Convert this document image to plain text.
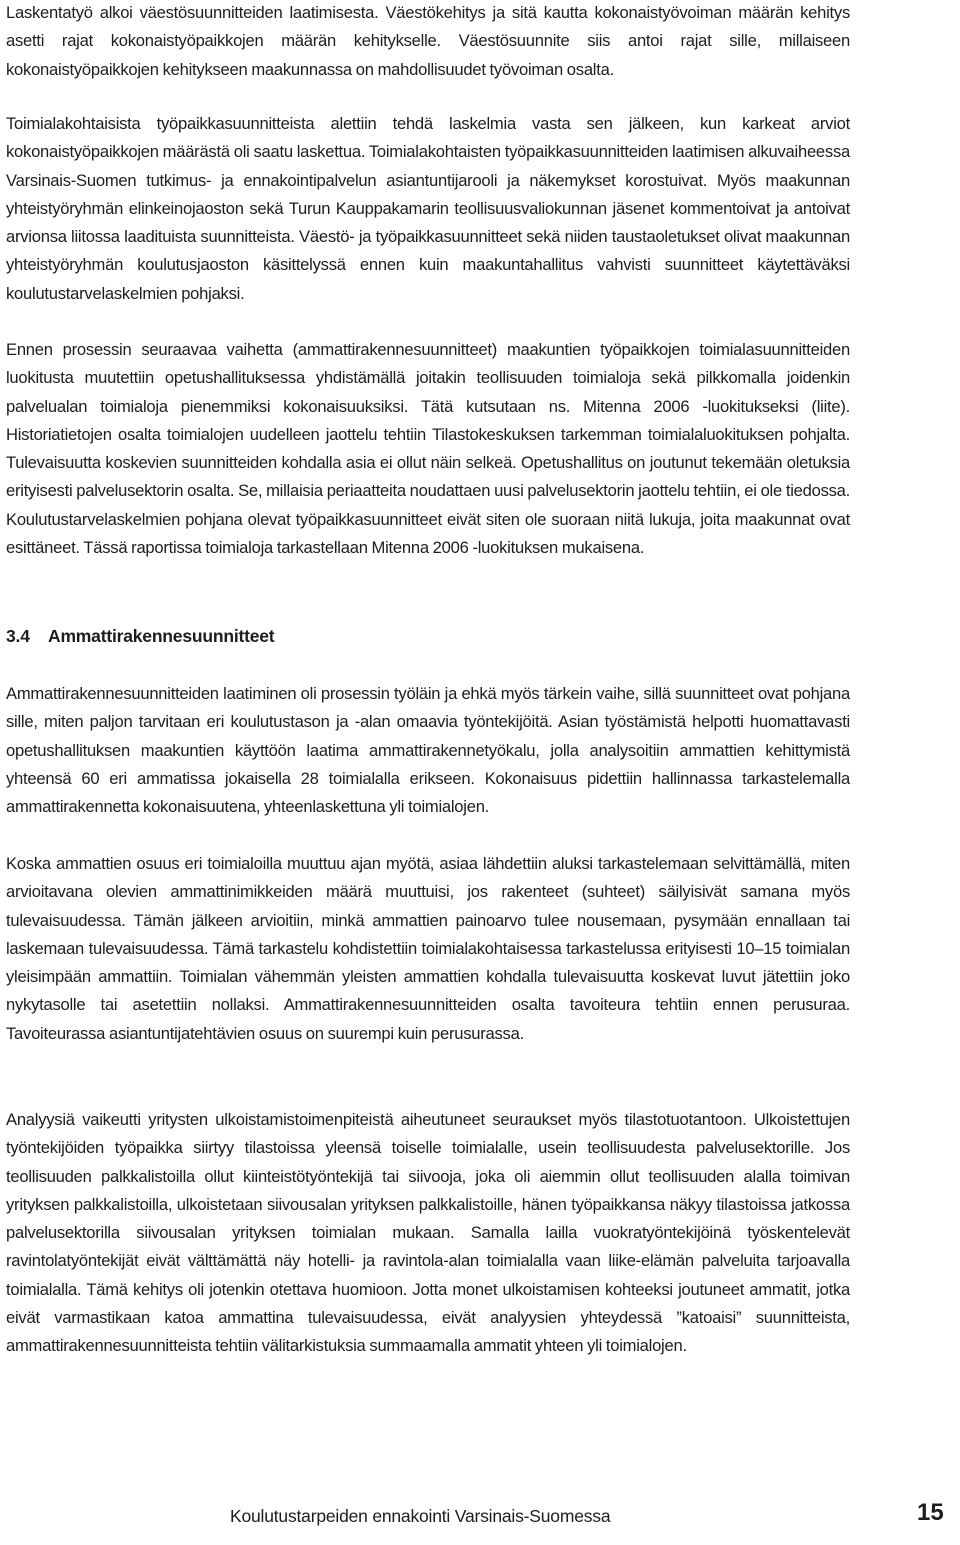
Laskentatyö alkoi väestösuunnitteiden laatimisesta. Väestökehitys ja sitä kautta kokonaistyövoiman määrän kehitys asetti rajat kokonaistyöpaikkojen määrän kehitykselle. Väestösuunnite siis antoi rajat sille, millaiseen kokonaistyöpaikkojen kehitykseen maakunnassa on mahdollisuudet työvoiman osalta.

Toimialakohtaisista työpaikkasuunnitteista alettiin tehdä laskelmia vasta sen jälkeen, kun karkeat arviot kokonaistyöpaikkojen määrästä oli saatu laskettua. Toimialakohtaisten työpaikkasuunnitteiden laatimisen alkuvaiheessa Varsinais-Suomen tutkimus- ja ennakointipalvelun asiantuntijarooli ja näkemykset korostuivat. Myös maakunnan yhteistyöryhmän elinkeinojaoston sekä Turun Kauppakamarin teollisuusvaliokunnan jäsenet kommentoivat ja antoivat arvionsa liitossa laadituista suunnitteista. Väestö- ja työpaikkasuunnitteet sekä niiden taustaoletukset olivat maakunnan yhteistyöryhmän koulutusjaoston käsittelyssä ennen kuin maakuntahallitus vahvisti suunnitteet käytettäväksi koulutustarvelaskelmien pohjaksi.

Ennen prosessin seuraavaa vaihetta (ammattirakennesuunnitteet) maakuntien työpaikkojen toimialasuunnitteiden luokitusta muutettiin opetushallituksessa yhdistämällä joitakin teollisuuden toimialoja sekä pilkkomalla joidenkin palvelualan toimialoja pienemmiksi kokonaisuuksiksi. Tätä kutsutaan ns. Mitenna 2006 -luokitukseksi (liite). Historiatietojen osalta toimialojen uudelleen jaottelu tehtiin Tilastokeskuksen tarkemman toimialaluokituksen pohjalta. Tulevaisuutta koskevien suunnitteiden kohdalla asia ei ollut näin selkeä. Opetushallitus on joutunut tekemään oletuksia erityisesti palvelusektorin osalta. Se, millaisia periaatteita noudattaen uusi palvelusektorin jaottelu tehtiin, ei ole tiedossa. Koulutustarvelaskelmien pohjana olevat työpaikkasuunnitteet eivät siten ole suoraan niitä lukuja, joita maakunnat ovat esittäneet. Tässä raportissa toimialoja tarkastellaan Mitenna 2006 -luokituksen mukaisena.

3.4 Ammattirakennesuunnitteet

Ammattirakennesuunnitteiden laatiminen oli prosessin työläin ja ehkä myös tärkein vaihe, sillä suunnitteet ovat pohjana sille, miten paljon tarvitaan eri koulutustason ja -alan omaavia työntekijöitä. Asian työstämistä helpotti huomattavasti opetushallituksen maakuntien käyttöön laatima ammattirakennetyökalu, jolla analysoitiin ammattien kehittymistä yhteensä 60 eri ammatissa jokaisella 28 toimialalla erikseen. Kokonaisuus pidettiin hallinnassa tarkastelemalla ammattirakennetta kokonaisuutena, yhteenlaskettuna yli toimialojen.

Koska ammattien osuus eri toimialoilla muuttuu ajan myötä, asiaa lähdettiin aluksi tarkastelemaan selvittämällä, miten arvioitavana olevien ammattinimikkeiden määrä muuttuisi, jos rakenteet (suhteet) säilyisivät samana myös tulevaisuudessa. Tämän jälkeen arvioitiin, minkä ammattien painoarvo tulee nousemaan, pysymään ennallaan tai laskemaan tulevaisuudessa. Tämä tarkastelu kohdistettiin toimialakohtaisessa tarkastelussa erityisesti 10–15 toimialan yleisimpään ammattiin. Toimialan vähemmän yleisten ammattien kohdalla tulevaisuutta koskevat luvut jätettiin joko nykytasolle tai asetettiin nollaksi. Ammattirakennesuunnitteiden osalta tavoiteura tehtiin ennen perusuraa. Tavoiteurassa asiantuntijatehtävien osuus on suurempi kuin perusurassa.

Analyysiä vaikeutti yritysten ulkoistamistoimenpiteistä aiheutuneet seuraukset myös tilastotuotantoon. Ulkoistettujen työntekijöiden työpaikka siirtyy tilastoissa yleensä toiselle toimialalle, usein teollisuudesta palvelusektorille. Jos teollisuuden palkkalistoilla ollut kiinteistötyöntekijä tai siivooja, joka oli aiemmin ollut teollisuuden alalla toimivan yrityksen palkkalistoilla, ulkoistetaan siivousalan yrityksen palkkalistoille, hänen työpaikkansa näkyy tilastoissa jatkossa palvelusektorilla siivousalan yrityksen toimialan mukaan. Samalla lailla vuokratyöntekijöinä työskentelevät ravintolatyöntekijät eivät välttämättä näy hotelli- ja ravintola-alan toimialalla vaan liike-elämän palveluita tarjoavalla toimialalla. Tämä kehitys oli jotenkin otettava huomioon. Jotta monet ulkoistamisen kohteeksi joutuneet ammatit, jotka eivät varmastikaan katoa ammattina tulevaisuudessa, eivät analyysien yhteydessä ”katoaisi” suunnitteista, ammattirakennesuunnitteista tehtiin välitarkistuksia summaamalla ammatit yhteen yli toimialojen.

Koulutustarpeiden ennakointi Varsinais-Suomessa	15
